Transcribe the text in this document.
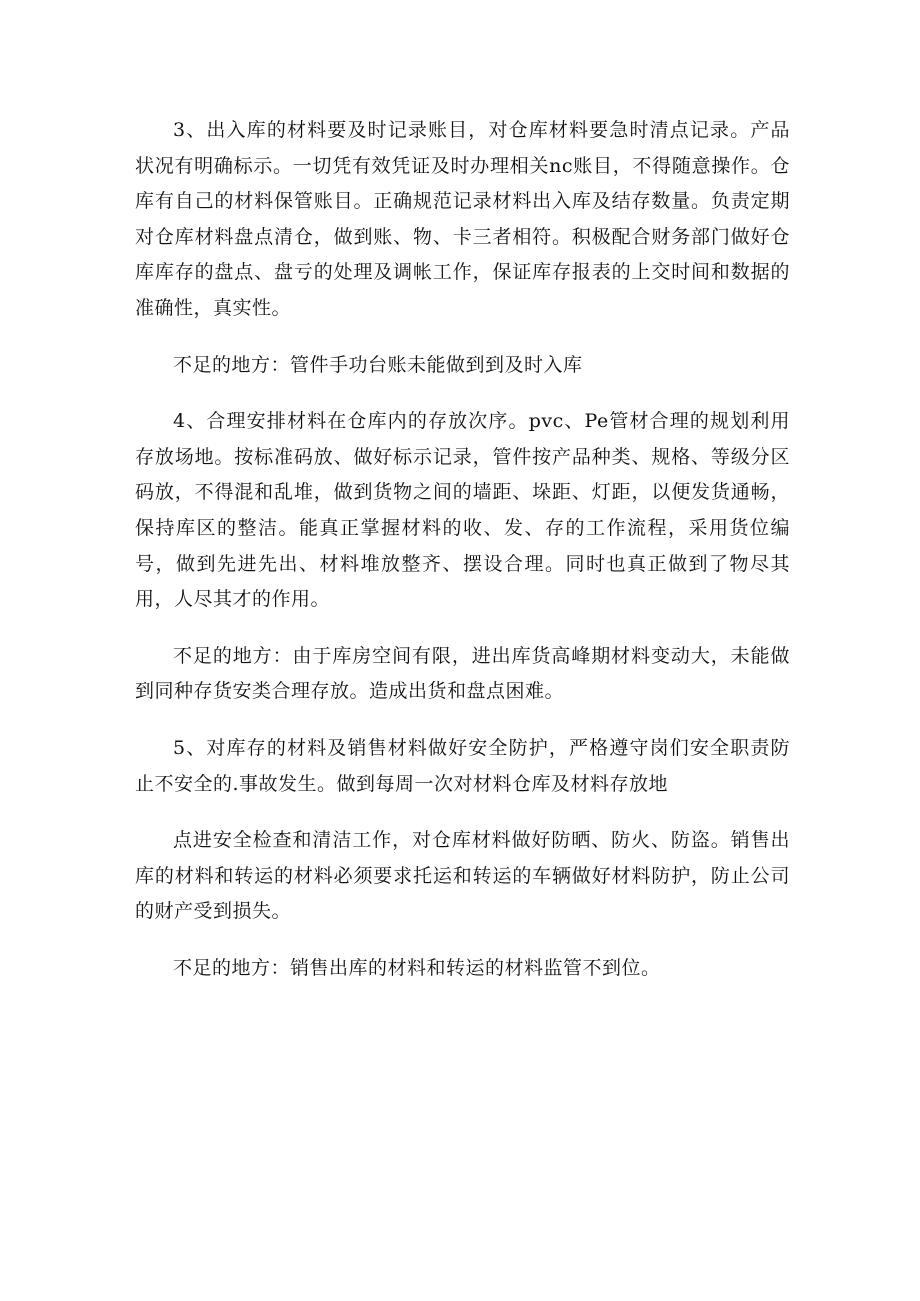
3、出入库的材料要及时记录账目，对仓库材料要急时清点记录。产品状况有明确标示。一切凭有效凭证及时办理相关nc账目，不得随意操作。仓库有自己的材料保管账目。正确规范记录材料出入库及结存数量。负责定期对仓库材料盘点清仓，做到账、物、卡三者相符。积极配合财务部门做好仓库库存的盘点、盘亏的处理及调帐工作，保证库存报表的上交时间和数据的准确性，真实性。

不足的地方：管件手功台账未能做到到及时入库

4、合理安排材料在仓库内的存放次序。pvc、Pe管材合理的规划利用存放场地。按标准码放、做好标示记录，管件按产品种类、规格、等级分区码放，不得混和乱堆，做到货物之间的墙距、垛距、灯距，以便发货通畅，保持库区的整洁。能真正掌握材料的收、发、存的工作流程，采用货位编号，做到先进先出、材料堆放整齐、摆设合理。同时也真正做到了物尽其用，人尽其才的作用。

不足的地方：由于库房空间有限，进出库货高峰期材料变动大，未能做到同种存货安类合理存放。造成出货和盘点困难。

5、对库存的材料及销售材料做好安全防护，严格遵守岗们安全职责防止不安全的.事故发生。做到每周一次对材料仓库及材料存放地

点进安全检查和清洁工作，对仓库材料做好防晒、防火、防盗。销售出库的材料和转运的材料必须要求托运和转运的车辆做好材料防护，防止公司的财产受到损失。

不足的地方：销售出库的材料和转运的材料监管不到位。
